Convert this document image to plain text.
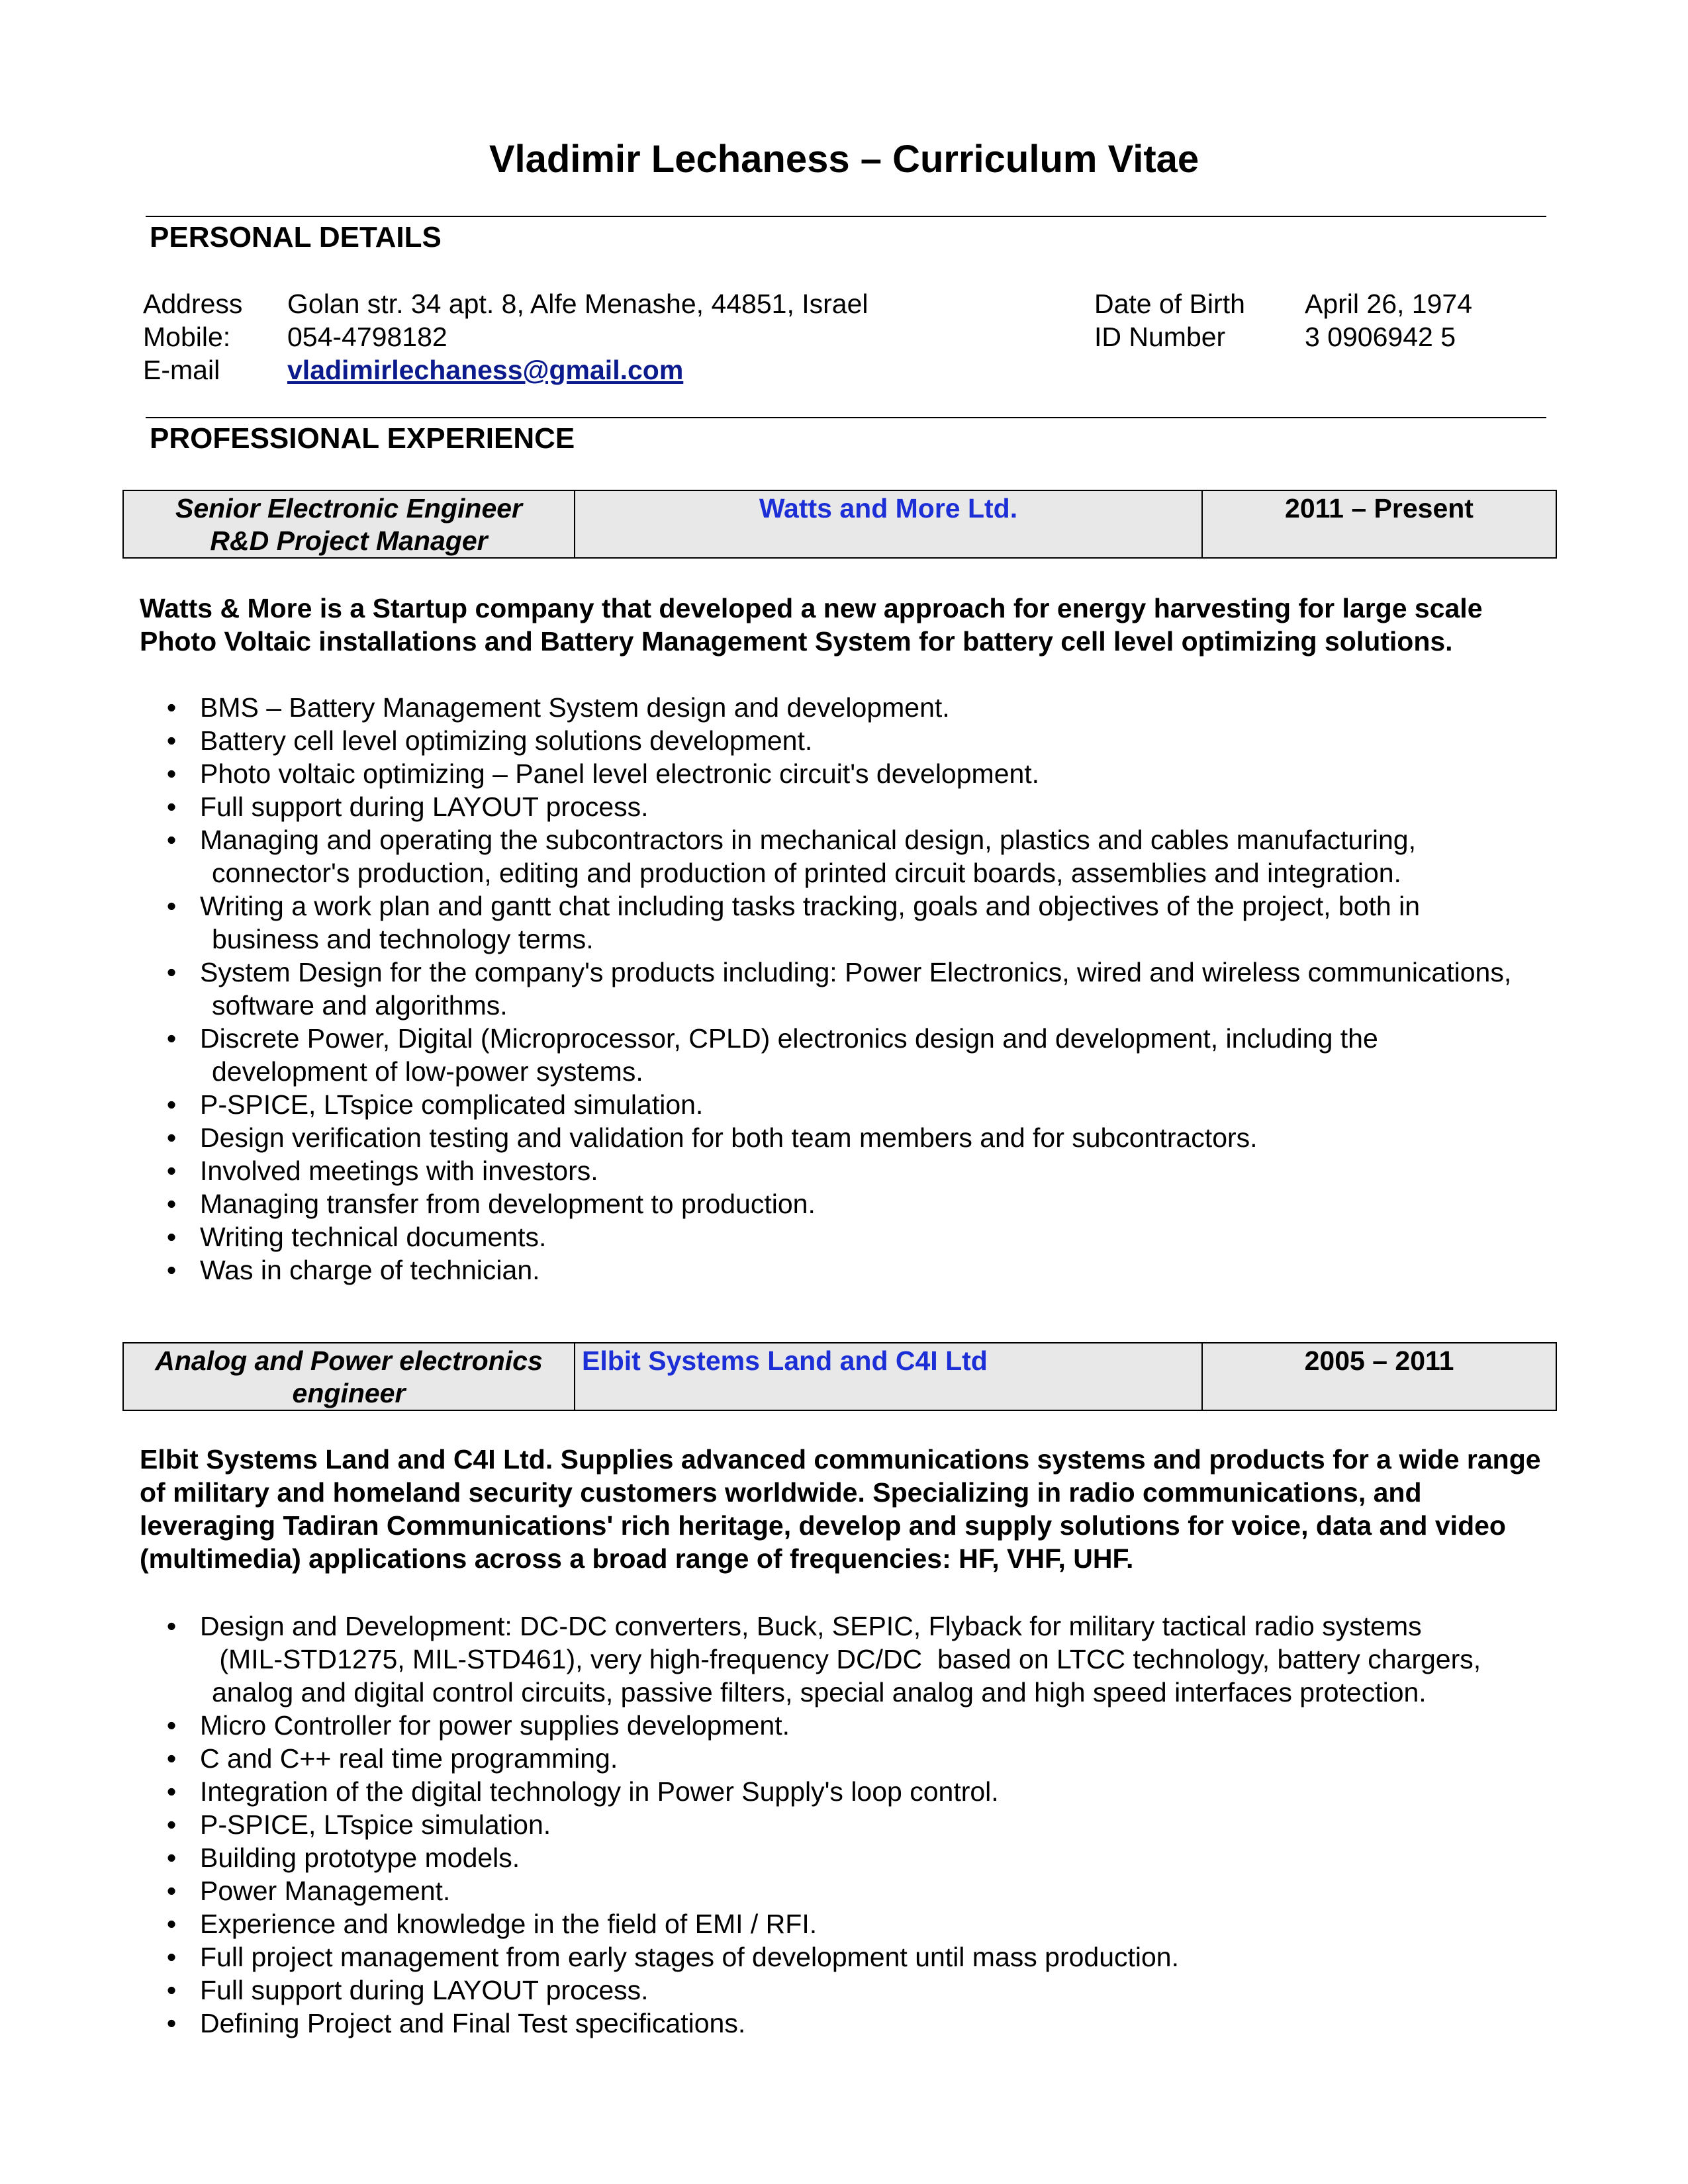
Vladimir Lechaness – Curriculum Vitae
PERSONAL DETAILS
Address Golan str. 34 apt. 8, Alfe Menashe, 44851, Israel
Mobile: 054-4798182
E-mail vladimirlechaness@gmail.com
Date of Birth April 26, 1974
ID Number	3 0906942 5
PROFESSIONAL EXPERIENCE
Senior Electronic Engineer
R&D Project Manager	Watts and More Ltd.	2011 – Present
Watts & More is a Startup company that developed a new approach for energy harvesting for large scale Photo Voltaic installations and Battery Management System for battery cell level optimizing solutions.
• BMS – Battery Management System design and development.
• Battery cell level optimizing solutions development.
• Photo voltaic optimizing – Panel level electronic circuit's development.
• Full support during LAYOUT process.
• Managing and operating the subcontractors in mechanical design, plastics and cables manufacturing,
connector's production, editing and production of printed circuit boards, assemblies and integration.
• Writing a work plan and gantt chat including tasks tracking, goals and objectives of the project, both in
business and technology terms.
• System Design for the company's products including: Power Electronics, wired and wireless communications,
software and algorithms.
• Discrete Power, Digital (Microprocessor, CPLD) electronics design and development, including the
development of low-power systems.
• P-SPICE, LTspice complicated simulation.
• Design verification testing and validation for both team members and for subcontractors.
• Involved meetings with investors.
• Managing transfer from development to production.
• Writing technical documents.
• Was in charge of technician.
Analog and Power electronics
engineer	Elbit Systems Land and C4I Ltd	2005 – 2011
Elbit Systems Land and C4I Ltd. Supplies advanced communications systems and products for a wide range of military and homeland security customers worldwide. Specializing in radio communications, and leveraging Tadiran Communications' rich heritage, develop and supply solutions for voice, data and video (multimedia) applications across a broad range of frequencies: HF, VHF, UHF.
• Design and Development: DC-DC converters, Buck, SEPIC, Flyback for military tactical radio systems
(MIL-STD1275, MIL-STD461), very high-frequency DC/DC  based on LTCC technology, battery chargers,
analog and digital control circuits, passive filters, special analog and high speed interfaces protection.
• Micro Controller for power supplies development.
• C and C++ real time programming.
• Integration of the digital technology in Power Supply's loop control.
• P-SPICE, LTspice simulation.
• Building prototype models.
• Power Management.
• Experience and knowledge in the field of EMI / RFI.
• Full project management from early stages of development until mass production.
• Full support during LAYOUT process.
• Defining Project and Final Test specifications.
